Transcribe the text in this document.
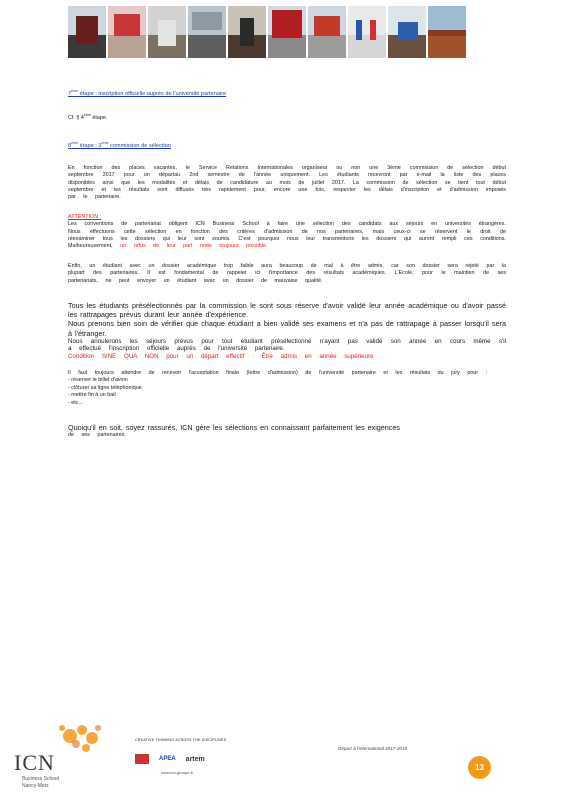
7ème étape : inscription officielle auprès de l'université partenaire
Cf. § 4ème étape.
8ème étape : 3ème commission de sélection

En fonction des places vacantes, le Service Relations Internationales organisera ou non une 3ème commission de sélection début septembre 2017 pour un départau 2nd semestre de l'année uniquement. Les étudiants recevront par e-mail la liste des places disponibles ainsi que les modalités et délais de candidature au mois de juillet 2017. La commission de sélection se tient tout début septembre et les résultats sont diffusés très rapidement pour, encore une fois, respecter les délais d'inscription et d'admission imposés par le partenaire.

ATTENTION :

Les conventions de partenariat obligent ICN Business School à faire une sélection des candidats aux séjours en universités étrangères. Nous effectuons cette sélection en fonction des critères d'admission de nos partenaires, mais ceux-ci se réservent le droit de réexaminer tous les dossiers qui leur sont soumis. C'est pourquoi nous leur transmettons les dossiers qui auront rempli ces conditions. Malheureusement, un refus de leur part reste toujours possible.

Enfin, un étudiant avec un dossier académique trop faible aura beaucoup de mal à être admis, car son dossier sera rejeté par la plupart des partenaires. Il est fondamental de rappeler ici l'importance des résultats académiques. L'Ecole, pour le maintien de ses partenariats, ne peut envoyer un étudiant avec un dossier de mauvaise qualité.

Tous les étudiants présélectionnés par la commission le sont sous réserve d'avoir validé leur année académique ou d'avoir passé les rattrapages prévus durant leur année d'expérience.

Nous prenons bien soin de vérifier que chaque étudiant a bien validé ses examens et n'a pas de rattrapage à passer lorsqu'il sera à l'étranger.

Nous annulerons les séjours prévus pour tout étudiant présélectionné n'ayant pas validé son année en cours même s'il a effectué l'inscription officielle auprès de l'université partenaire.

Condition SINE QUA NON pour un départ effectif : Être admis en année supérieure

Il faut toujours attendre de recevoir l'acceptation finale (lettre d'admission) de l'université partenaire et les résultats du jury pour :

- réserver le billet d'avion
- clôturer sa ligne téléphonique
- mettre fin à un bail
- etc...

Quoiqu'il en soit, soyez rassurés, ICN gère les sélections en connaissant parfaitement les exigences

de ses partenaires.

ICN
Business School
Nancy-Metz
CREATIVE THINKING ACROSS THE DISCIPLINES
APEA artem
www.icn-groupe.fr
Départ à l'international 2017-2018
13
